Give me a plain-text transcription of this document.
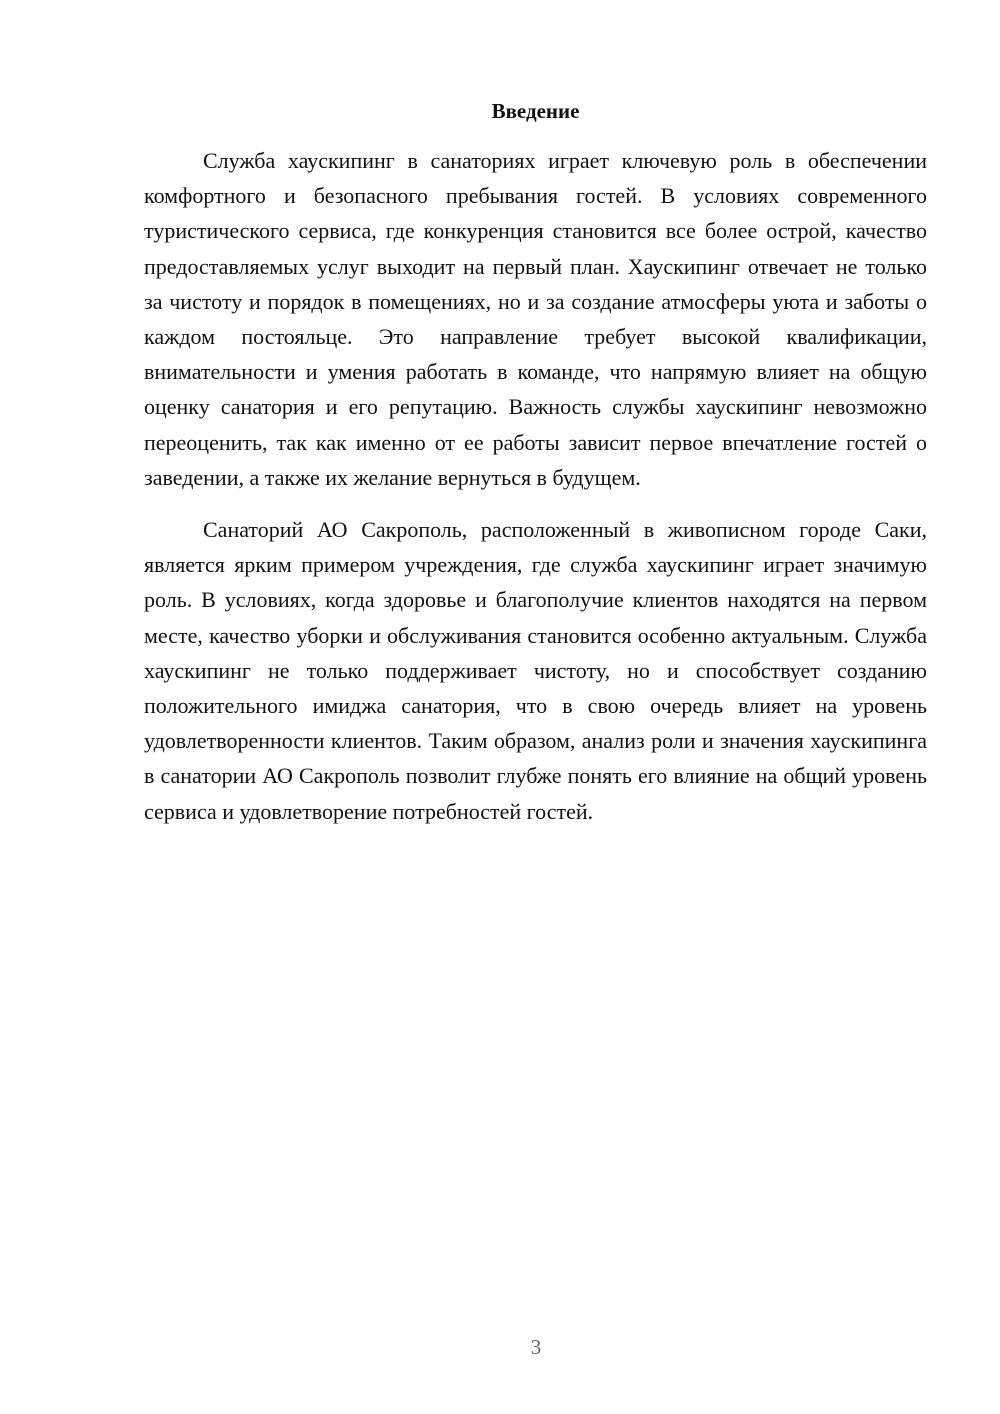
Введение

Служба хаускипинг в санаториях играет ключевую роль в обеспечении комфортного и безопасного пребывания гостей. В условиях современного туристического сервиса, где конкуренция становится все более острой, качество предоставляемых услуг выходит на первый план. Хаускипинг отвечает не только за чистоту и порядок в помещениях, но и за создание атмосферы уюта и заботы о каждом постояльце. Это направление требует высокой квалификации, внимательности и умения работать в команде, что напрямую влияет на общую оценку санатория и его репутацию. Важность службы хаускипинг невозможно переоценить, так как именно от ее работы зависит первое впечатление гостей о заведении, а также их желание вернуться в будущем.

Санаторий АО Сакрополь, расположенный в живописном городе Саки, является ярким примером учреждения, где служба хаускипинг играет значимую роль. В условиях, когда здоровье и благополучие клиентов находятся на первом месте, качество уборки и обслуживания становится особенно актуальным. Служба хаускипинг не только поддерживает чистоту, но и способствует созданию положительного имиджа санатория, что в свою очередь влияет на уровень удовлетворенности клиентов. Таким образом, анализ роли и значения хаускипинга в санатории АО Сакрополь позволит глубже понять его влияние на общий уровень сервиса и удовлетворение потребностей гостей.

3
